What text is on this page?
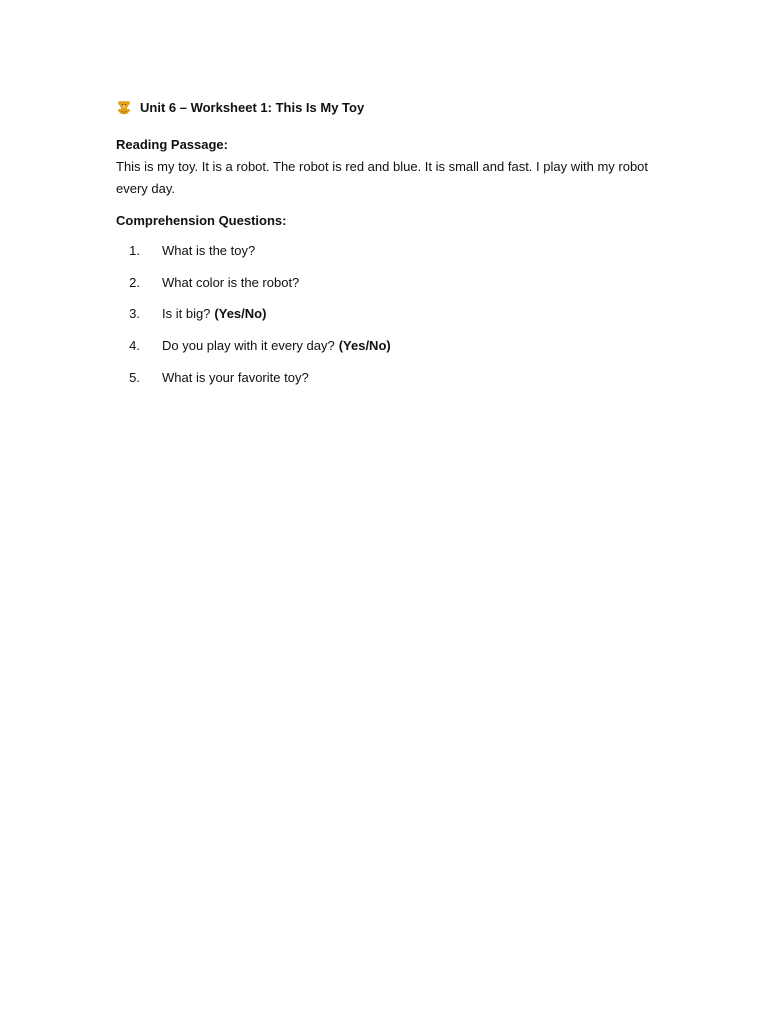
Unit 6 – Worksheet 1: This Is My Toy
Reading Passage:

This is my toy. It is a robot. The robot is red and blue. It is small and fast. I play with my robot every day.

Comprehension Questions:
1.	What is the toy?
2.	What color is the robot?
3.	Is it big? (Yes/No)
4.	Do you play with it every day? (Yes/No)
5.	What is your favorite toy?
